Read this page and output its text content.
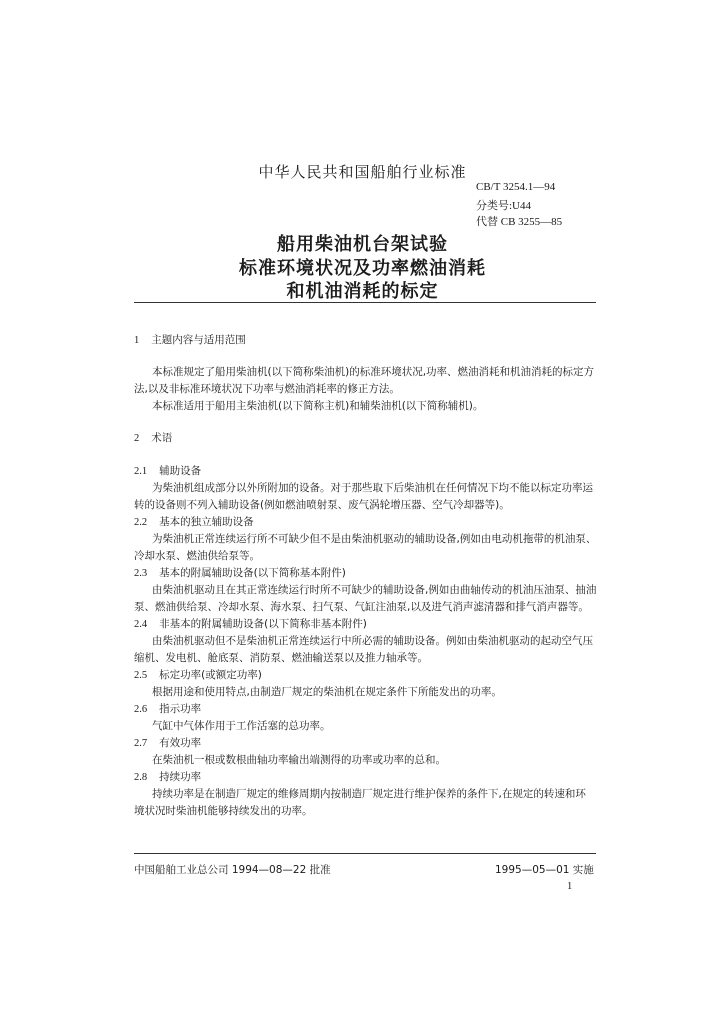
中华人民共和国船舶行业标准
CB/T 3254.1—94
分类号:U44
代替 CB 3255—85
船用柴油机台架试验
标准环境状况及功率燃油消耗
和机油消耗的标定
1 主题内容与适用范围
本标准规定了船用柴油机(以下简称柴油机)的标准环境状况,功率、燃油消耗和机油消耗的标定方
法,以及非标准环境状况下功率与燃油消耗率的修正方法。
本标准适用于船用主柴油机(以下简称主机)和辅柴油机(以下简称辅机)。
2 术语
2.1 辅助设备
为柴油机组成部分以外所附加的设备。对于那些取下后柴油机在任何情况下均不能以标定功率运
转的设备则不列入辅助设备(例如燃油喷射泵、废气涡轮增压器、空气冷却器等)。
2.2 基本的独立辅助设备
为柴油机正常连续运行所不可缺少但不是由柴油机驱动的辅助设备,例如由电动机拖带的机油泵、
冷却水泵、燃油供给泵等。
2.3 基本的附属辅助设备(以下简称基本附件)
由柴油机驱动且在其正常连续运行时所不可缺少的辅助设备,例如由曲轴传动的机油压油泵、抽油
泵、燃油供给泵、冷却水泵、海水泵、扫气泵、气缸注油泵,以及进气消声滤清器和排气消声器等。
2.4 非基本的附属辅助设备(以下简称非基本附件)
由柴油机驱动但不是柴油机正常连续运行中所必需的辅助设备。例如由柴油机驱动的起动空气压
缩机、发电机、舱底泵、消防泵、燃油输送泵以及推力轴承等。
2.5 标定功率(或额定功率)
根据用途和使用特点,由制造厂规定的柴油机在规定条件下所能发出的功率。
2.6 指示功率
气缸中气体作用于工作活塞的总功率。
2.7 有效功率
在柴油机一根或数根曲轴功率输出端测得的功率或功率的总和。
2.8 持续功率
持续功率是在制造厂规定的维修周期内按制造厂规定进行维护保养的条件下,在规定的转速和环
境状况时柴油机能够持续发出的功率。
中国船舶工业总公司 1994—08—22 批准	1995—05—01 实施
1
